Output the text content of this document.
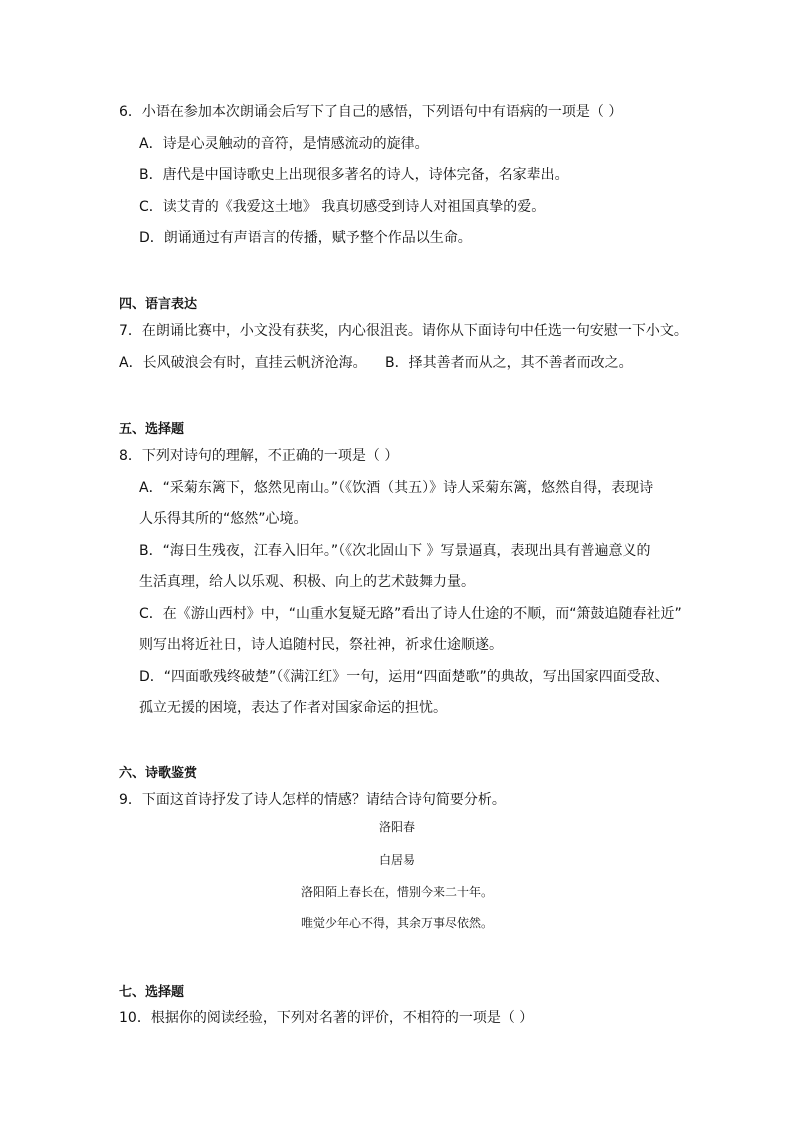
6．小语在参加本次朗诵会后写下了自己的感悟，下列语句中有语病的一项是（ ）
A．诗是心灵触动的音符，是情感流动的旋律。
B．唐代是中国诗歌史上出现很多著名的诗人，诗体完备，名家辈出。
C．读艾青的《我爱这土地》 我真切感受到诗人对祖国真挚的爱。
D．朗诵通过有声语言的传播，赋予整个作品以生命。
四、语言表达
7．在朗诵比赛中，小文没有获奖，内心很沮丧。请你从下面诗句中任选一句安慰一下小文。
A．长风破浪会有时，直挂云帆济沧海。 B．择其善者而从之，其不善者而改之。
五、选择题
8．下列对诗句的理解，不正确的一项是（ ）
A．“采菊东篱下，悠然见南山。”（《饮酒（其五）》诗人采菊东篱，悠然自得，表现诗
人乐得其所的“悠然”心境。
B．“海日生残夜，江春入旧年。”（《次北固山下 》写景逼真，表现出具有普遍意义的
生活真理，给人以乐观、积极、向上的艺术鼓舞力量。
C．在《游山西村》中，“山重水复疑无路”看出了诗人仕途的不顺，而“箫鼓追随春社近”
则写出将近社日，诗人追随村民，祭社神，祈求仕途顺遂。
D．“四面歌残终破楚”（《满江红》一句，运用“四面楚歌”的典故，写出国家四面受敌、
孤立无援的困境，表达了作者对国家命运的担忧。
六、诗歌鉴赏
9．下面这首诗抒发了诗人怎样的情感？请结合诗句简要分析。
洛阳春
白居易
洛阳陌上春长在，惜别今来二十年。
唯觉少年心不得，其余万事尽依然。
七、选择题
10．根据你的阅读经验，下列对名著的评价，不相符的一项是（ ）
